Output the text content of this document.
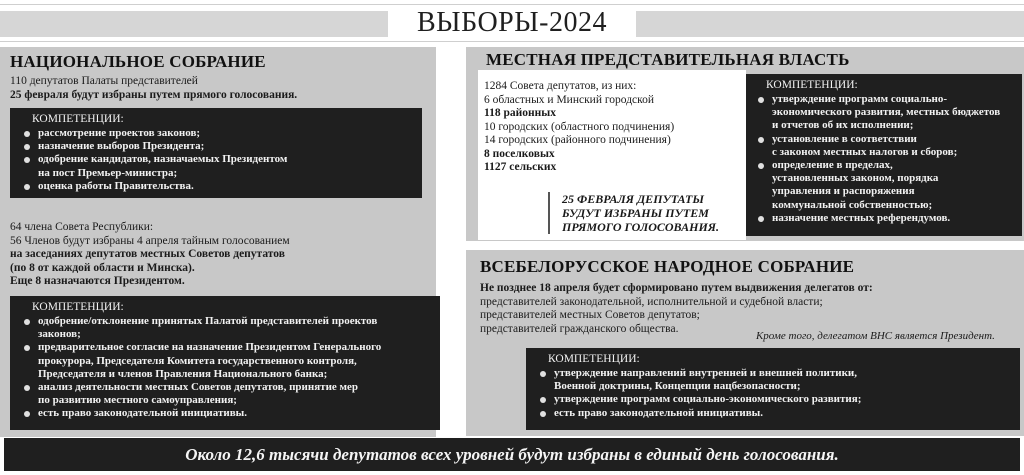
ВЫБОРЫ-2024
НАЦИОНАЛЬНОЕ СОБРАНИЕ
110 депутатов Палаты представителей
25 февраля будут избраны путем прямого голосования.
КОМПЕТЕНЦИИ:
рассмотрение проектов законов;
назначение выборов Президента;
одобрение кандидатов, назначаемых Президентом
на пост Премьер-министра;
оценка работы Правительства.
64 члена Совета Республики:
56 Членов будут избраны 4 апреля тайным голосованием
на заседаниях депутатов местных Советов депутатов
(по 8 от каждой области и Минска).
Еще 8 назначаются Президентом.
КОМПЕТЕНЦИИ:
одобрение/отклонение принятых Палатой представителей проектов
законов;
предварительное согласие на назначение Президентом Генерального
прокурора, Председателя Комитета государственного контроля,
Председателя и членов Правления Национального банка;
анализ деятельности местных Советов депутатов, принятие мер
по развитию местного самоуправления;
есть право законодательной инициативы.
МЕСТНАЯ ПРЕДСТАВИТЕЛЬНАЯ ВЛАСТЬ
1284 Совета депутатов, из них:
6 областных и Минский городской
118 районных
10 городских (областного подчинения)
14 городских (районного подчинения)
8 поселковых
1127 сельских
25 ФЕВРАЛЯ ДЕПУТАТЫ БУДУТ ИЗБРАНЫ ПУТЕМ ПРЯМОГО ГОЛОСОВАНИЯ.
КОМПЕТЕНЦИИ:
утверждение программ социально-
экономического развития, местных бюджетов
и отчетов об их исполнении;
установление в соответствии
с законом местных налогов и сборов;
определение в пределах,
установленных законом, порядка
управления и распоряжения
коммунальной собственностью;
назначение местных референдумов.
ВСЕБЕЛОРУССКОЕ НАРОДНОЕ СОБРАНИЕ
Не позднее 18 апреля будет сформировано путем выдвижения делегатов от:
представителей законодательной, исполнительной и судебной власти;
представителей местных Советов депутатов;
представителей гражданского общества.
Кроме того, делегатом ВНС является Президент.
КОМПЕТЕНЦИИ:
утверждение направлений внутренней и внешней политики,
Военной доктрины, Концепции нацбезопасности;
утверждение программ социально-экономического развития;
есть право законодательной инициативы.
Около 12,6 тысячи депутатов всех уровней будут избраны в единый день голосования.
